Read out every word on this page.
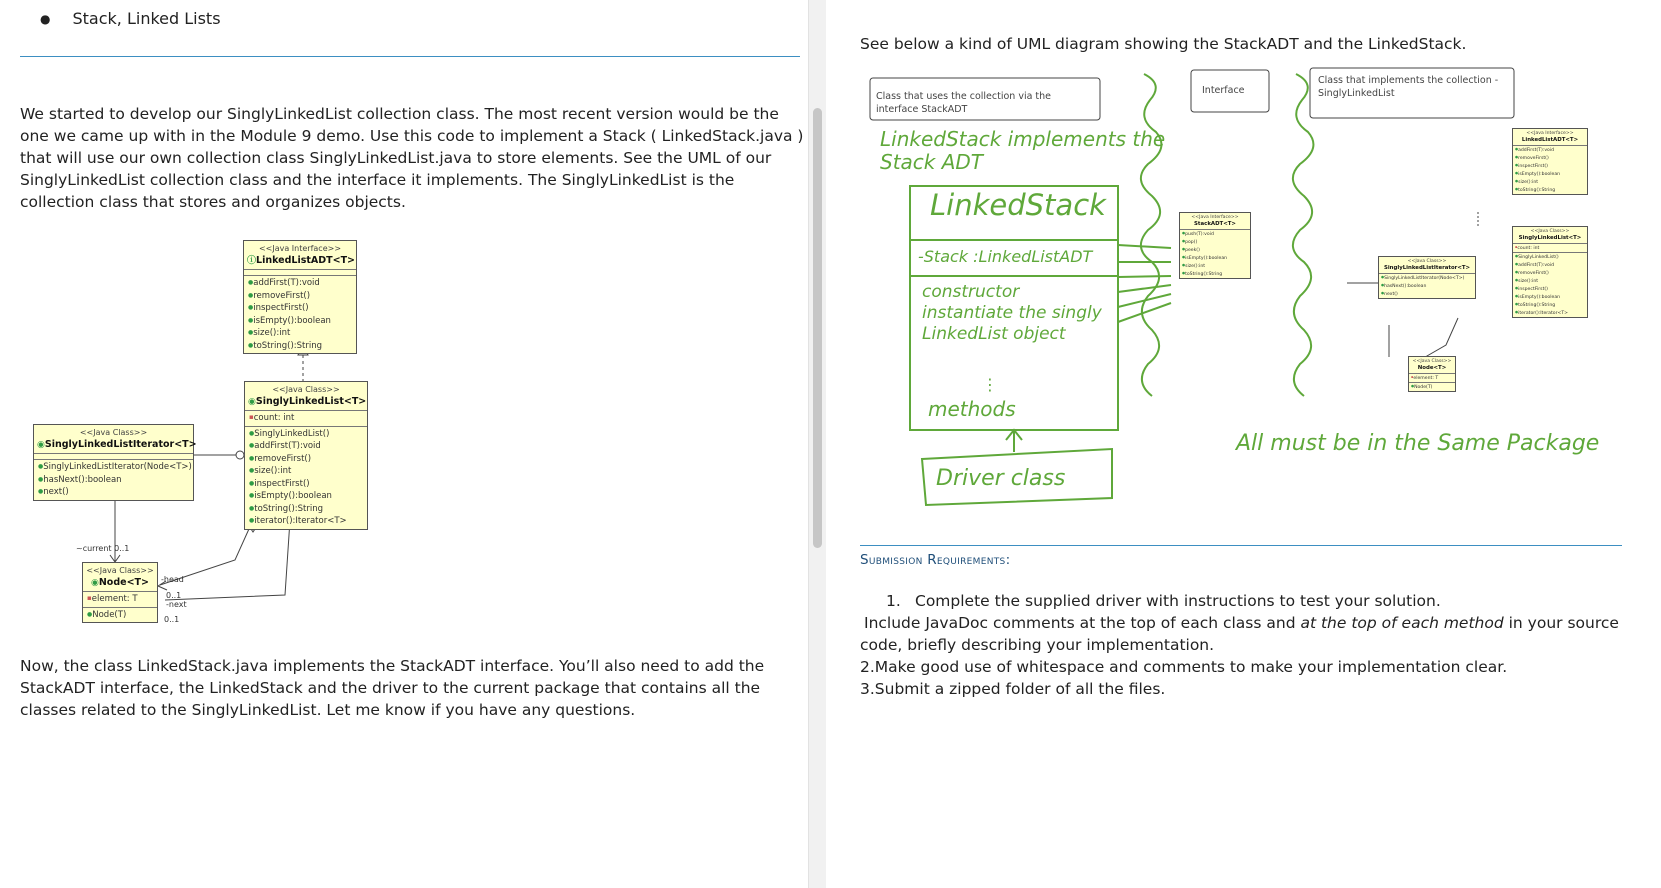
● Stack, Linked Lists
We started to develop our SinglyLinkedList collection class. The most recent version would be the
one we came up with in the Module 9 demo. Use this code to implement a Stack ( LinkedStack.java )
that will use our own collection class SinglyLinkedList.java to store elements. See the UML of our
SinglyLinkedList collection class and the interface it implements. The SinglyLinkedList is the
collection class that stores and organizes objects.
<<Java Interface>>
ⓘLinkedListADT<T>
● addFirst(T):void
● removeFirst()
● inspectFirst()
● isEmpty():boolean
● size():int
● toString():String
<<Java Class>>
◉SinglyLinkedList<T>
▪ count: int
● SinglyLinkedList()
● addFirst(T):void
● removeFirst()
● size():int
● inspectFirst()
● isEmpty():boolean
● toString():String
● iterator():Iterator<T>
<<Java Class>>
◉SinglyLinkedListIterator<T>
● SinglyLinkedListIterator(Node<T>)
● hasNext():boolean
● next()
<<Java Class>>
◉Node<T>
▪ element: T
● Node(T)
~current 0..1
-head
0..1
-next
0..1
Now, the class LinkedStack.java implements the StackADT interface. You’ll also need to add the
StackADT interface, the LinkedStack and the driver to the current package that contains all the
classes related to the SinglyLinkedList. Let me know if you have any questions.
See below a kind of UML diagram showing the StackADT and the LinkedStack.
Class that uses the collection via the interface StackADT
Interface
Class that implements the collection - SinglyLinkedList
LinkedStack implements the Stack ADT
LinkedStack
-Stack :LinkedListADT
constructor instantiate the singly LinkedList object
⋮
methods
Driver class
All must be in the Same Package
<<Java Interface>>
StackADT<T>
● push(T):void
● pop()
● peek()
● isEmpty():boolean
● size():int
● toString():String
<<Java Interface>>
LinkedListADT<T>
● addFirst(T):void
● removeFirst()
● inspectFirst()
● isEmpty():boolean
● size():int
● toString():String
<<Java Class>>
SinglyLinkedList<T>
▪ count: int
● SinglyLinkedList()
● addFirst(T):void
● removeFirst()
● size():int
● inspectFirst()
● isEmpty():boolean
● toString():String
● iterator():Iterator<T>
<<Java Class>>
SinglyLinkedListIterator<T>
● SinglyLinkedListIterator(Node<T>)
● hasNext():boolean
● next()
<<Java Class>>
Node<T>
▪ element: T
● Node(T)
Submission Requirements:
1. Complete the supplied driver with instructions to test your solution.
Include JavaDoc comments at the top of each class and at the top of each method in your source
code, briefly describing your implementation.
2.Make good use of whitespace and comments to make your implementation clear.
3.Submit a zipped folder of all the files.
